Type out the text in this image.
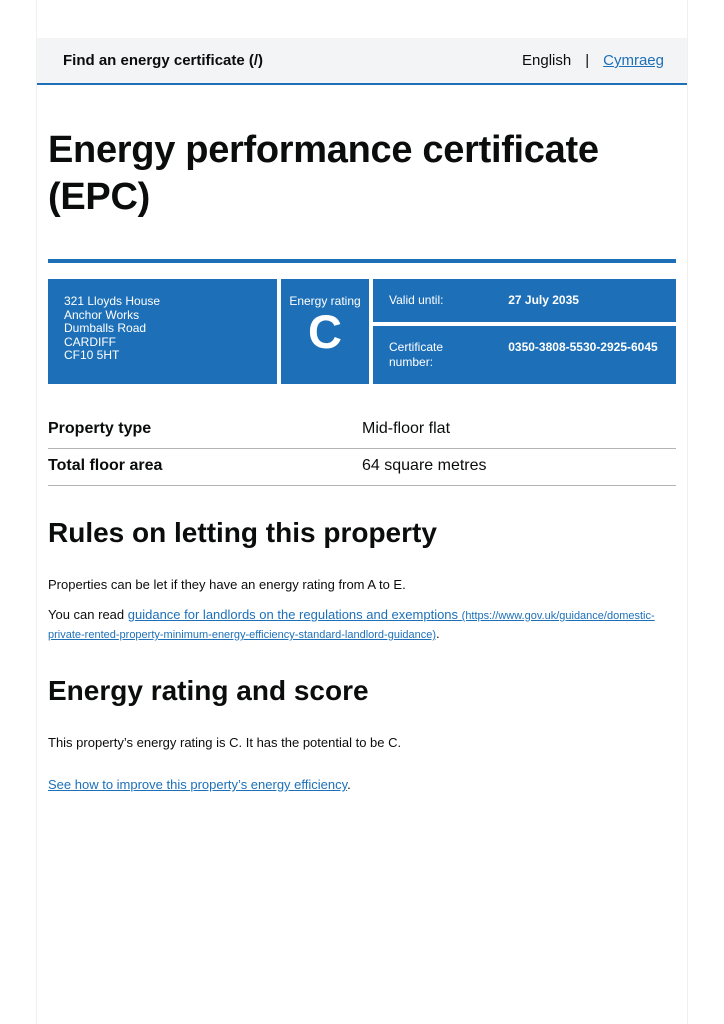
Find an energy certificate (/)	English | Cymraeg
Energy performance certificate (EPC)
321 Lloyds House
Anchor Works
Dumballs Road
CARDIFF
CF10 5HT
Energy rating
C
Valid until:	27 July 2035
Certificate number:
0350-3808-5530-2925-6045
Property type	Mid-floor flat
Total floor area	64 square metres
Rules on letting this property

Properties can be let if they have an energy rating from A to E.

You can read guidance for landlords on the regulations and exemptions (https://www.gov.uk/guidance/domestic-private-rented-property-minimum-energy-efficiency-standard-landlord-guidance).

Energy rating and score

This property’s energy rating is C. It has the potential to be C.

See how to improve this property’s energy efficiency.
